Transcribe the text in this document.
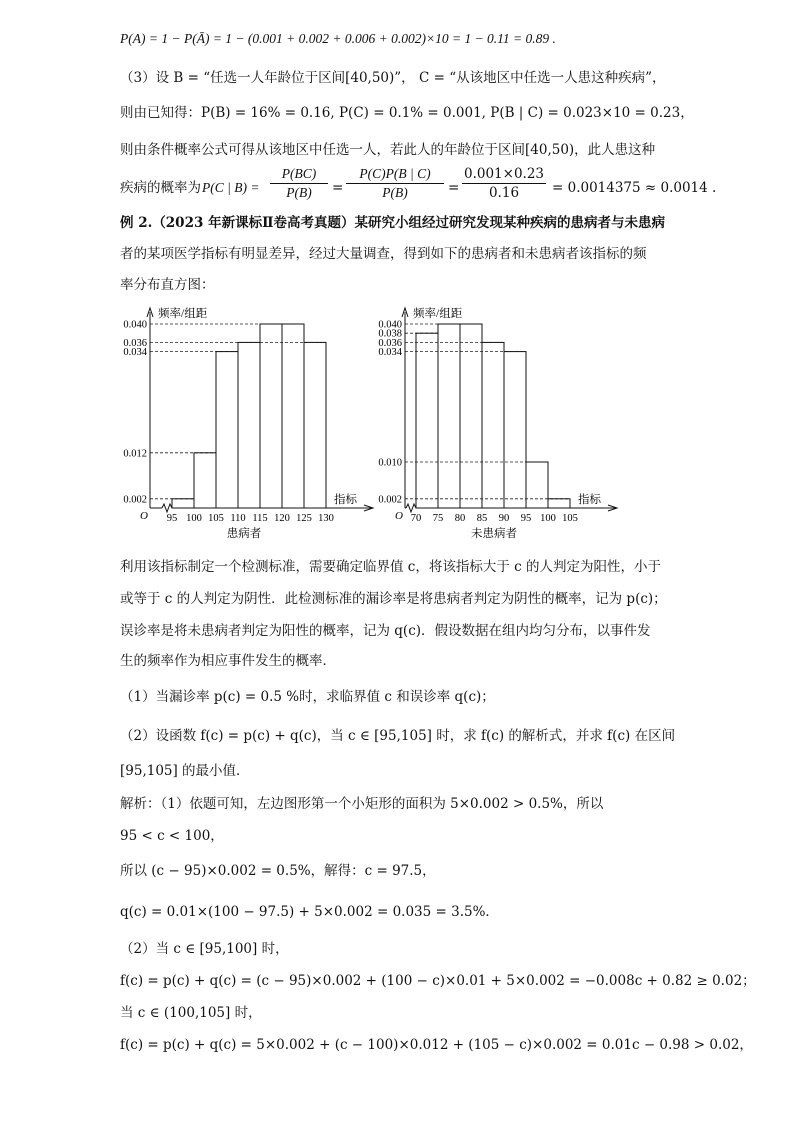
P(A) = 1 − P(Ā) = 1 − (0.001 + 0.002 + 0.006 + 0.002)×10 = 1 − 0.11 = 0.89 .
（3）设 B = “任选一人年龄位于区间[40,50)”， C = “从该地区中任选一人患这种疾病”，
则由已知得：P(B) = 16% = 0.16, P(C) = 0.1% = 0.001, P(B | C) = 0.023×10 = 0.23，
则由条件概率公式可得从该地区中任选一人，若此人的年龄位于区间[40,50)，此人患这种
疾病的概率为 P(C | $B) = \frac{P(BC)}{P(B)} = \frac{P(C)P(B | C)}{P(B)} = \frac{0.001\times 0.23}{0.16} = 0.0014375 \approx 0.0014$ .
例 2.（2023 年新课标Ⅱ卷高考真题）某研究小组经过研究发现某种疾病的患病者与未患病
者的某项医学指标有明显差异，经过大量调查，得到如下的患病者和未患病者该指标的频
率分布直方图：
0.002
0.012
0.034
0.036
0.040
频率/组距
指标
O 95 100 105 110 115 120 125 130
患病者
0.002
0.010
0.034
0.036
0.038
0.040
频率/组距
指标
O 70 75 80 85 90 95 100 105
未患病者
利用该指标制定一个检测标准，需要确定临界值 c，将该指标大于 c 的人判定为阳性，小于
或等于 c 的人判定为阴性．此检测标准的漏诊率是将患病者判定为阴性的概率，记为 p(c)；
误诊率是将未患病者判定为阳性的概率，记为 q(c)．假设数据在组内均匀分布，以事件发
生的频率作为相应事件发生的概率．
（1）当漏诊率 p(c) = 0.5 %时，求临界值 c 和误诊率 q(c)；
（2）设函数 f(c) = p(c) + q(c)，当 c ∈ [95,105] 时，求 f(c) 的解析式，并求 f(c) 在区间
[95,105] 的最小值．
解析：（1）依题可知，左边图形第一个小矩形的面积为 5×0.002 > 0.5%，所以
95 < c < 100，
所以 (c − 95)×0.002 = 0.5%，解得：c = 97.5，
q(c) = 0.01×(100 − 97.5) + 5×0.002 = 0.035 = 3.5%．
（2）当 c ∈ [95,100] 时，
f(c) = p(c) + q(c) = (c − 95)×0.002 + (100 − c)×0.01 + 5×0.002 = −0.008c + 0.82 ≥ 0.02；
当 c ∈ (100,105] 时，
f(c) = p(c) + q(c) = 5×0.002 + (c − 100)×0.012 + (105 − c)×0.002 = 0.01c − 0.98 > 0.02，
